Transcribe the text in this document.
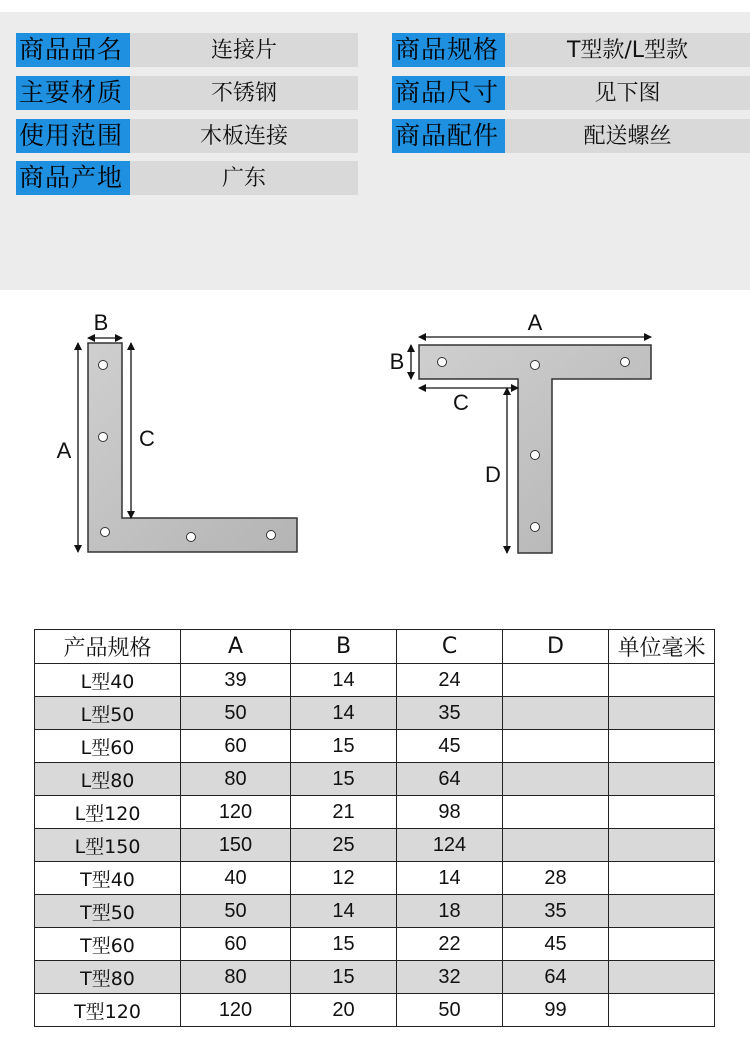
商品品名	连接片
主要材质	不锈钢
使用范围	木板连接
商品产地	广东
商品规格	T型款/L型款
商品尺寸	见下图
商品配件	配送螺丝
B
A	C
A
B
C
D
产品规格	A	B	C	D	单位毫米
L型40	39	14	24		
L型50	50	14	35		
L型60	60	15	45		
L型80	80	15	64		
L型120	120	21	98		
L型150	150	25	124		
T型40	40	12	14	28	
T型50	50	14	18	35	
T型60	60	15	22	45	
T型80	80	15	32	64	
T型120	120	20	50	99	
